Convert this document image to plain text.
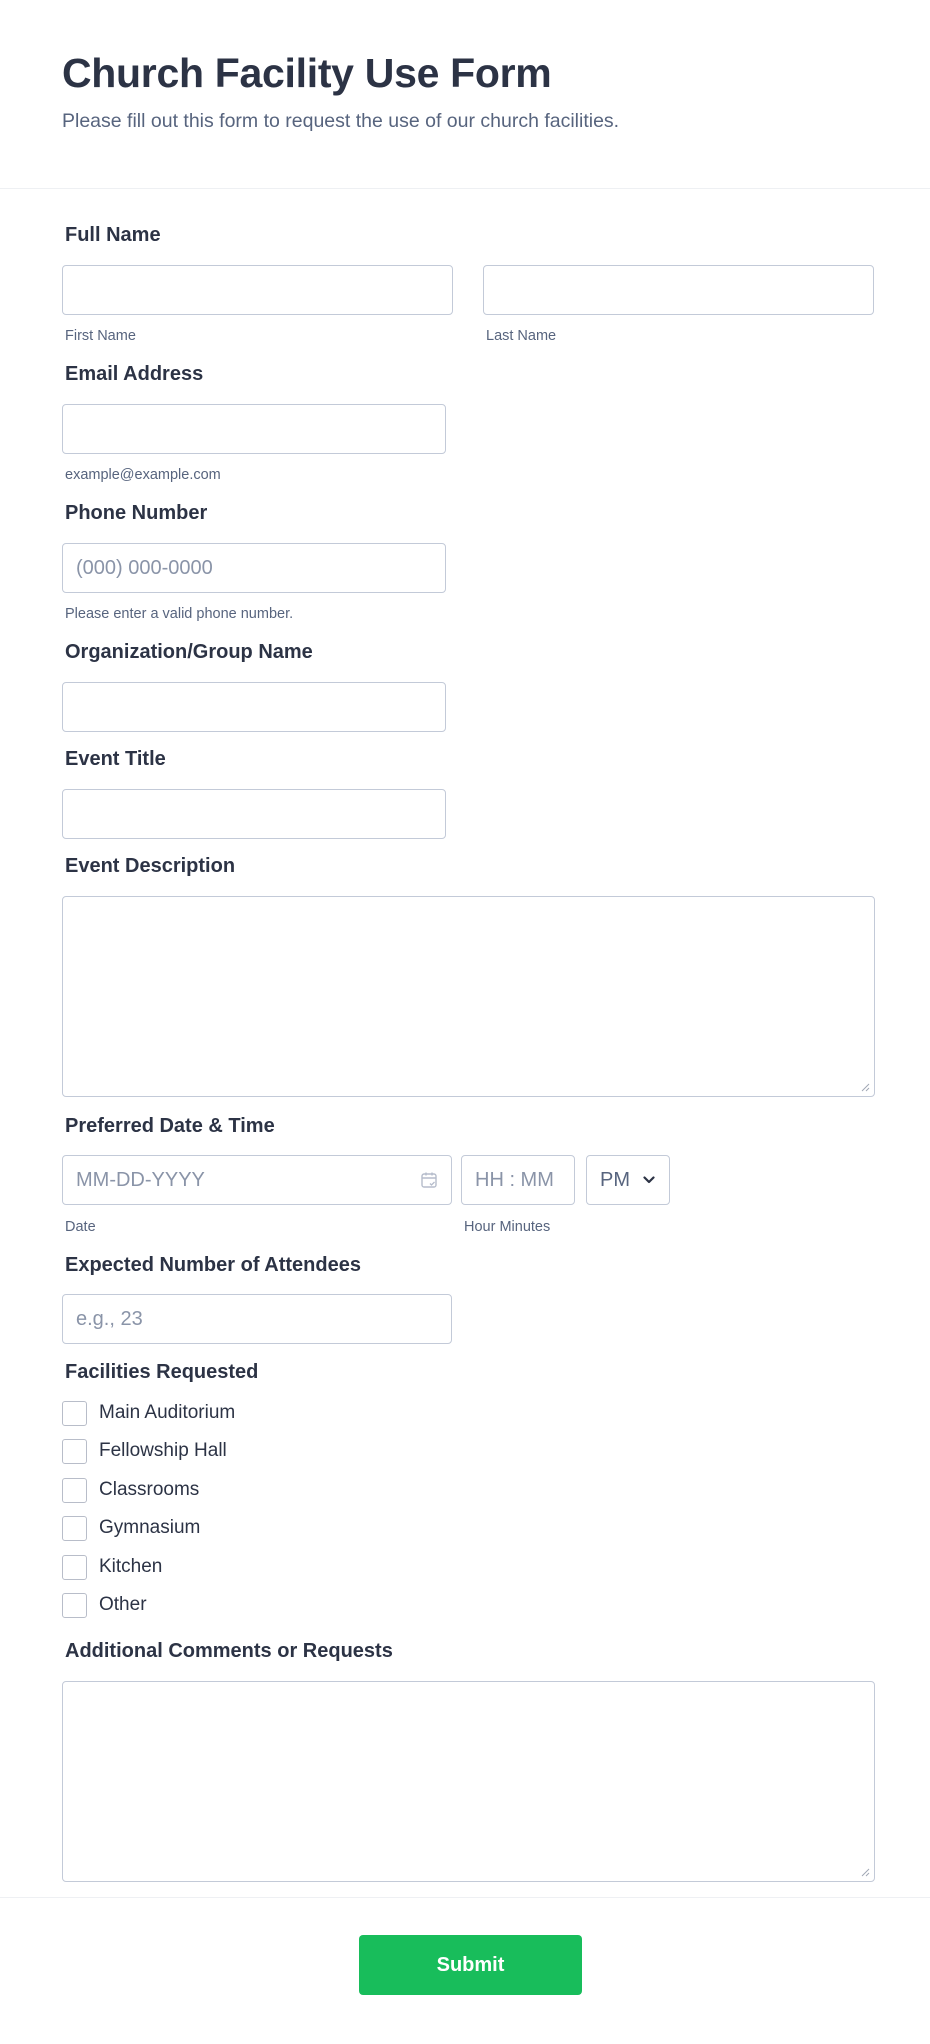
Church Facility Use Form

Please fill out this form to request the use of our church facilities.

Full Name
First Name	Last Name
Email Address
example@example.com
Phone Number
(000) 000-0000
Please enter a valid phone number.
Organization/Group Name
Event Title
Event Description
Preferred Date & Time
MM-DD-YYYY	HH : MM	PM
Date	Hour Minutes
Expected Number of Attendees
e.g., 23
Facilities Requested
Main Auditorium
Fellowship Hall
Classrooms
Gymnasium
Kitchen
Other
Additional Comments or Requests
Submit
